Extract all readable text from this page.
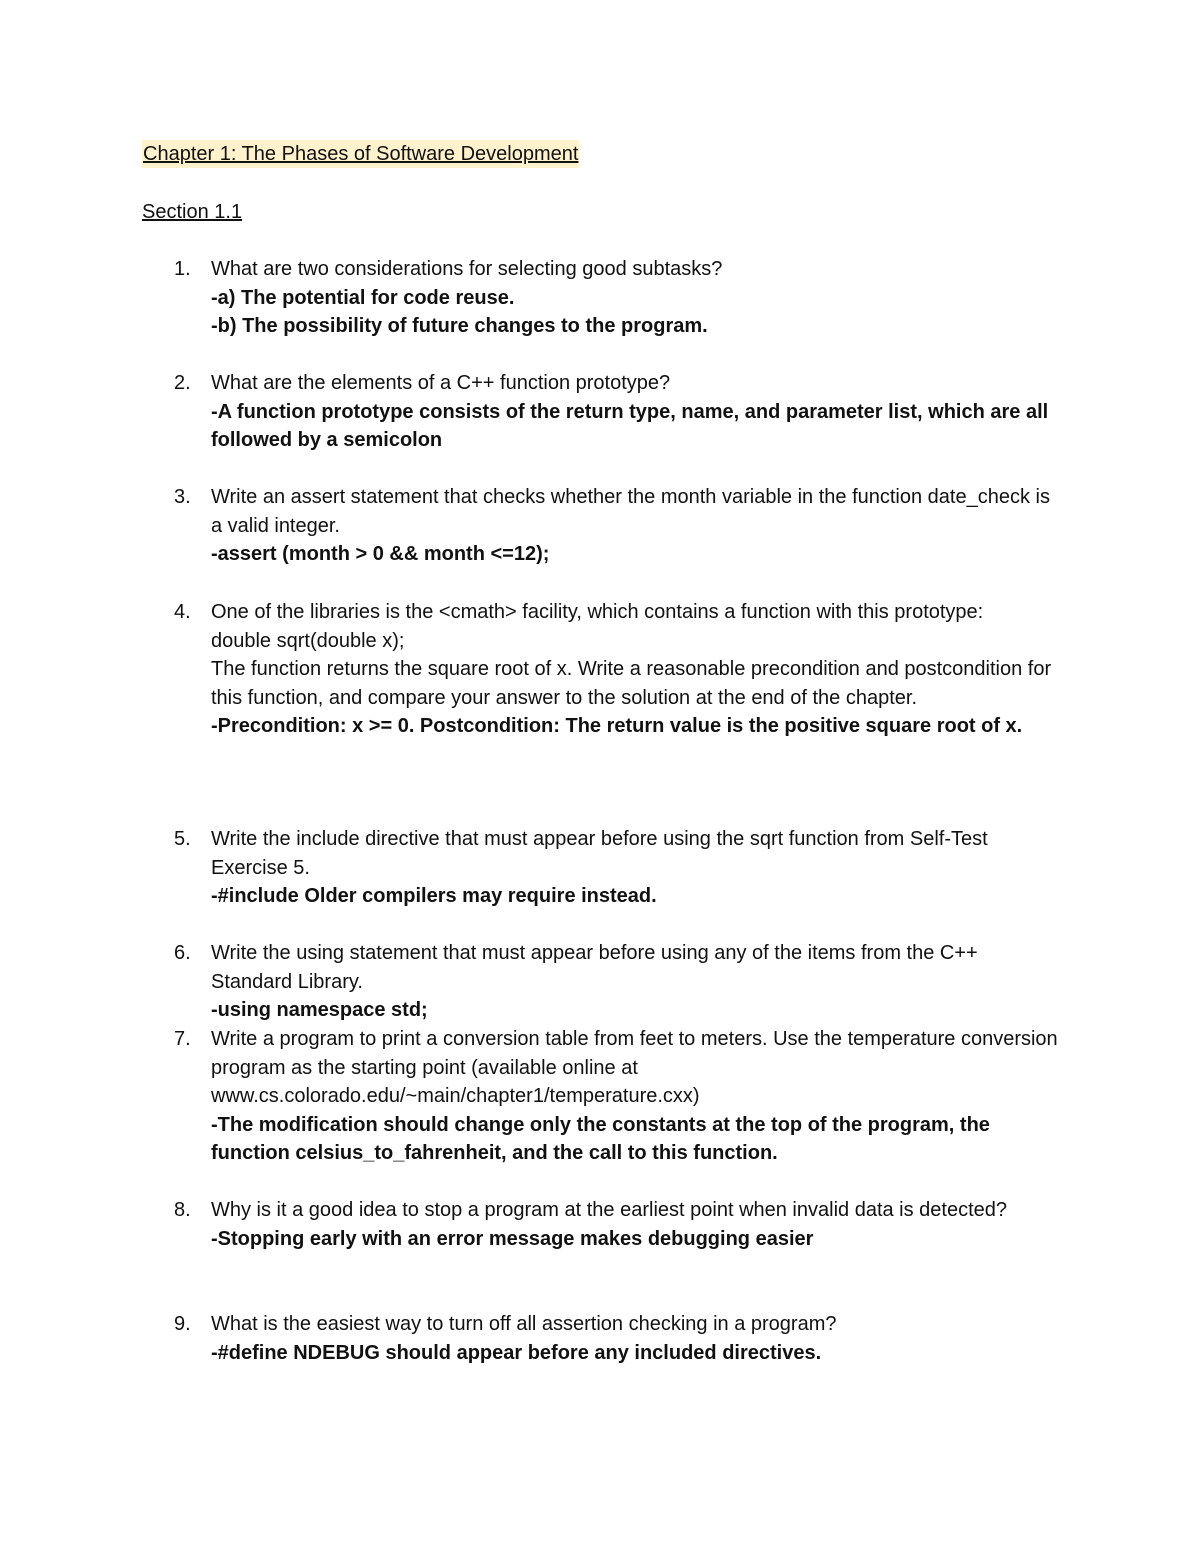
Chapter 1: The Phases of Software Development
Section 1.1
1.	What are two considerations for selecting good subtasks?
-a) The potential for code reuse.
-b) The possibility of future changes to the program.
2.	What are the elements of a C++ function prototype?
-A function prototype consists of the return type, name, and parameter list, which are all followed by a semicolon
3.	Write an assert statement that checks whether the month variable in the function date_check is a valid integer.
-assert (month > 0 && month <=12);
4.	One of the libraries is the <cmath> facility, which contains a function with this prototype:
double sqrt(double x);
The function returns the square root of x. Write a reasonable precondition and postcondition for this function, and compare your answer to the solution at the end of the chapter.
-Precondition: x >= 0. Postcondition: The return value is the positive square root of x.
5.	Write the include directive that must appear before using the sqrt function from Self-Test Exercise 5.
-#include Older compilers may require instead.
6.	Write the using statement that must appear before using any of the items from the C++ Standard Library.
-using namespace std;
7.	Write a program to print a conversion table from feet to meters. Use the temperature conversion program as the starting point (available online at
www.cs.colorado.edu/~main/chapter1/temperature.cxx)
-The modification should change only the constants at the top of the program, the function celsius_to_fahrenheit, and the call to this function.
8.	Why is it a good idea to stop a program at the earliest point when invalid data is detected?
-Stopping early with an error message makes debugging easier
9.	What is the easiest way to turn off all assertion checking in a program?
-#define NDEBUG should appear before any included directives.
